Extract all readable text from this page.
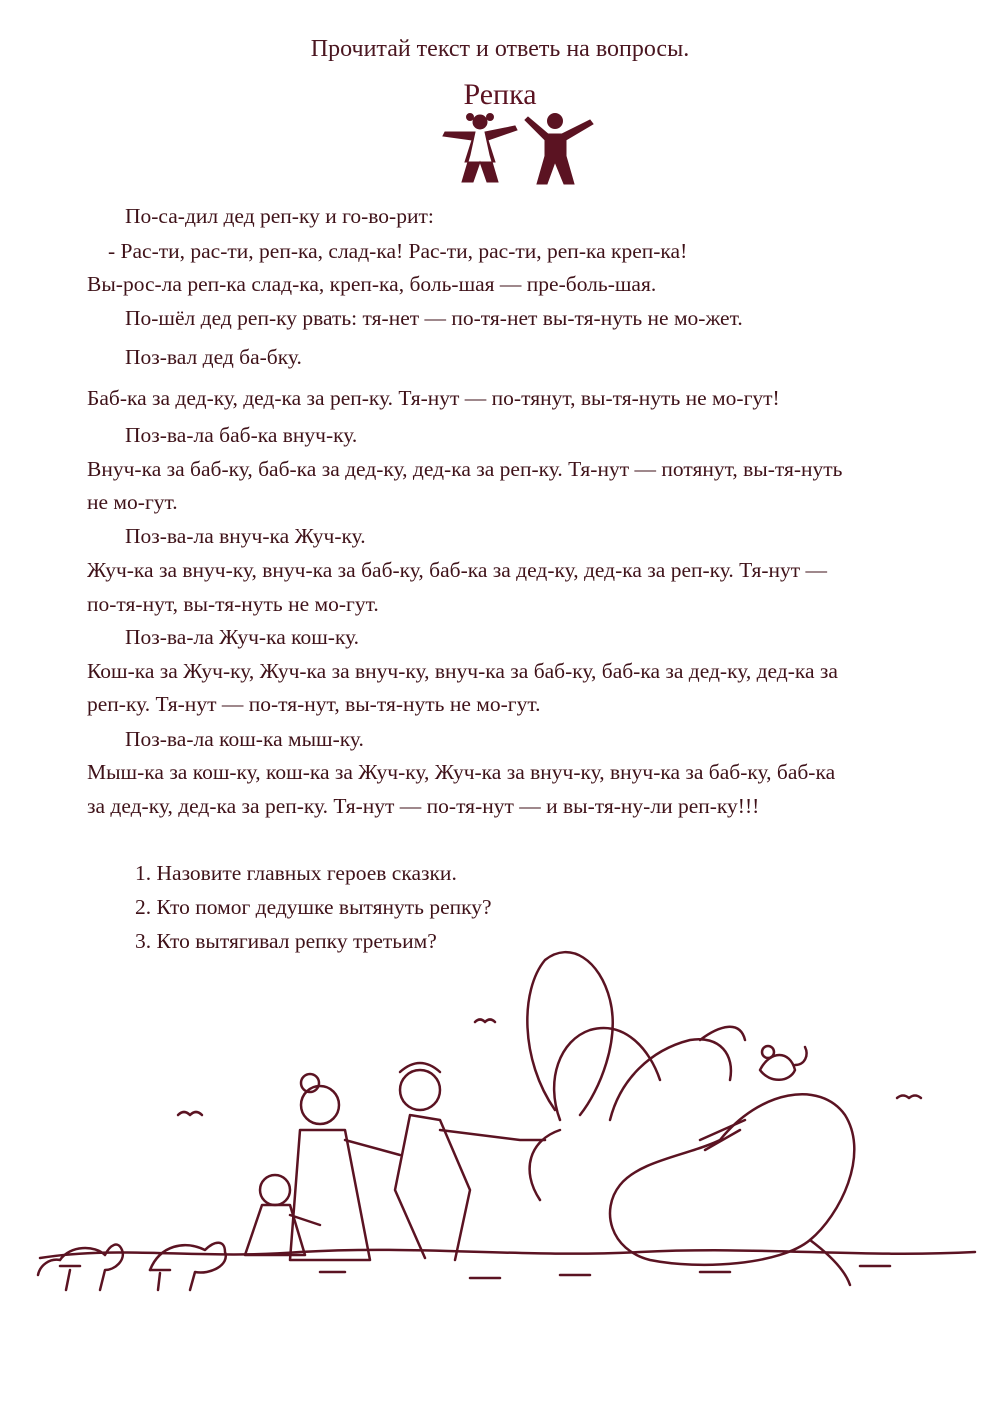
Прочитай текст и ответь на вопросы.
Репка
По-са-дил дед реп-ку и го-во-рит:
- Рас-ти, рас-ти, реп-ка, слад-ка! Рас-ти, рас-ти, реп-ка креп-ка!
Вы-рос-ла реп-ка слад-ка, креп-ка, боль-шая — пре-боль-шая.
По-шёл дед реп-ку рвать: тя-нет — по-тя-нет вы-тя-нуть не мо-жет.
Поз-вал дед ба-бку.
Баб-ка за дед-ку, дед-ка за реп-ку. Тя-нут — по-тянут, вы-тя-нуть не мо-гут!
Поз-ва-ла баб-ка внуч-ку.
Внуч-ка за баб-ку, баб-ка за дед-ку, дед-ка за реп-ку. Тя-нут — потянут, вы-тя-нуть
не мо-гут.
Поз-ва-ла внуч-ка Жуч-ку.
Жуч-ка за внуч-ку, внуч-ка за баб-ку, баб-ка за дед-ку, дед-ка за реп-ку. Тя-нут —
по-тя-нут, вы-тя-нуть не мо-гут.
Поз-ва-ла Жуч-ка кош-ку.
Кош-ка за Жуч-ку, Жуч-ка за внуч-ку, внуч-ка за баб-ку, баб-ка за дед-ку, дед-ка за
реп-ку. Тя-нут — по-тя-нут, вы-тя-нуть не мо-гут.
Поз-ва-ла кош-ка мыш-ку.
Мыш-ка за кош-ку, кош-ка за Жуч-ку, Жуч-ка за внуч-ку, внуч-ка за баб-ку, баб-ка
за дед-ку, дед-ка за реп-ку. Тя-нут — по-тя-нут — и вы-тя-ну-ли реп-ку!!!
1. Назовите главных героев сказки.
2. Кто помог дедушке вытянуть репку?
3. Кто вытягивал репку третьим?
